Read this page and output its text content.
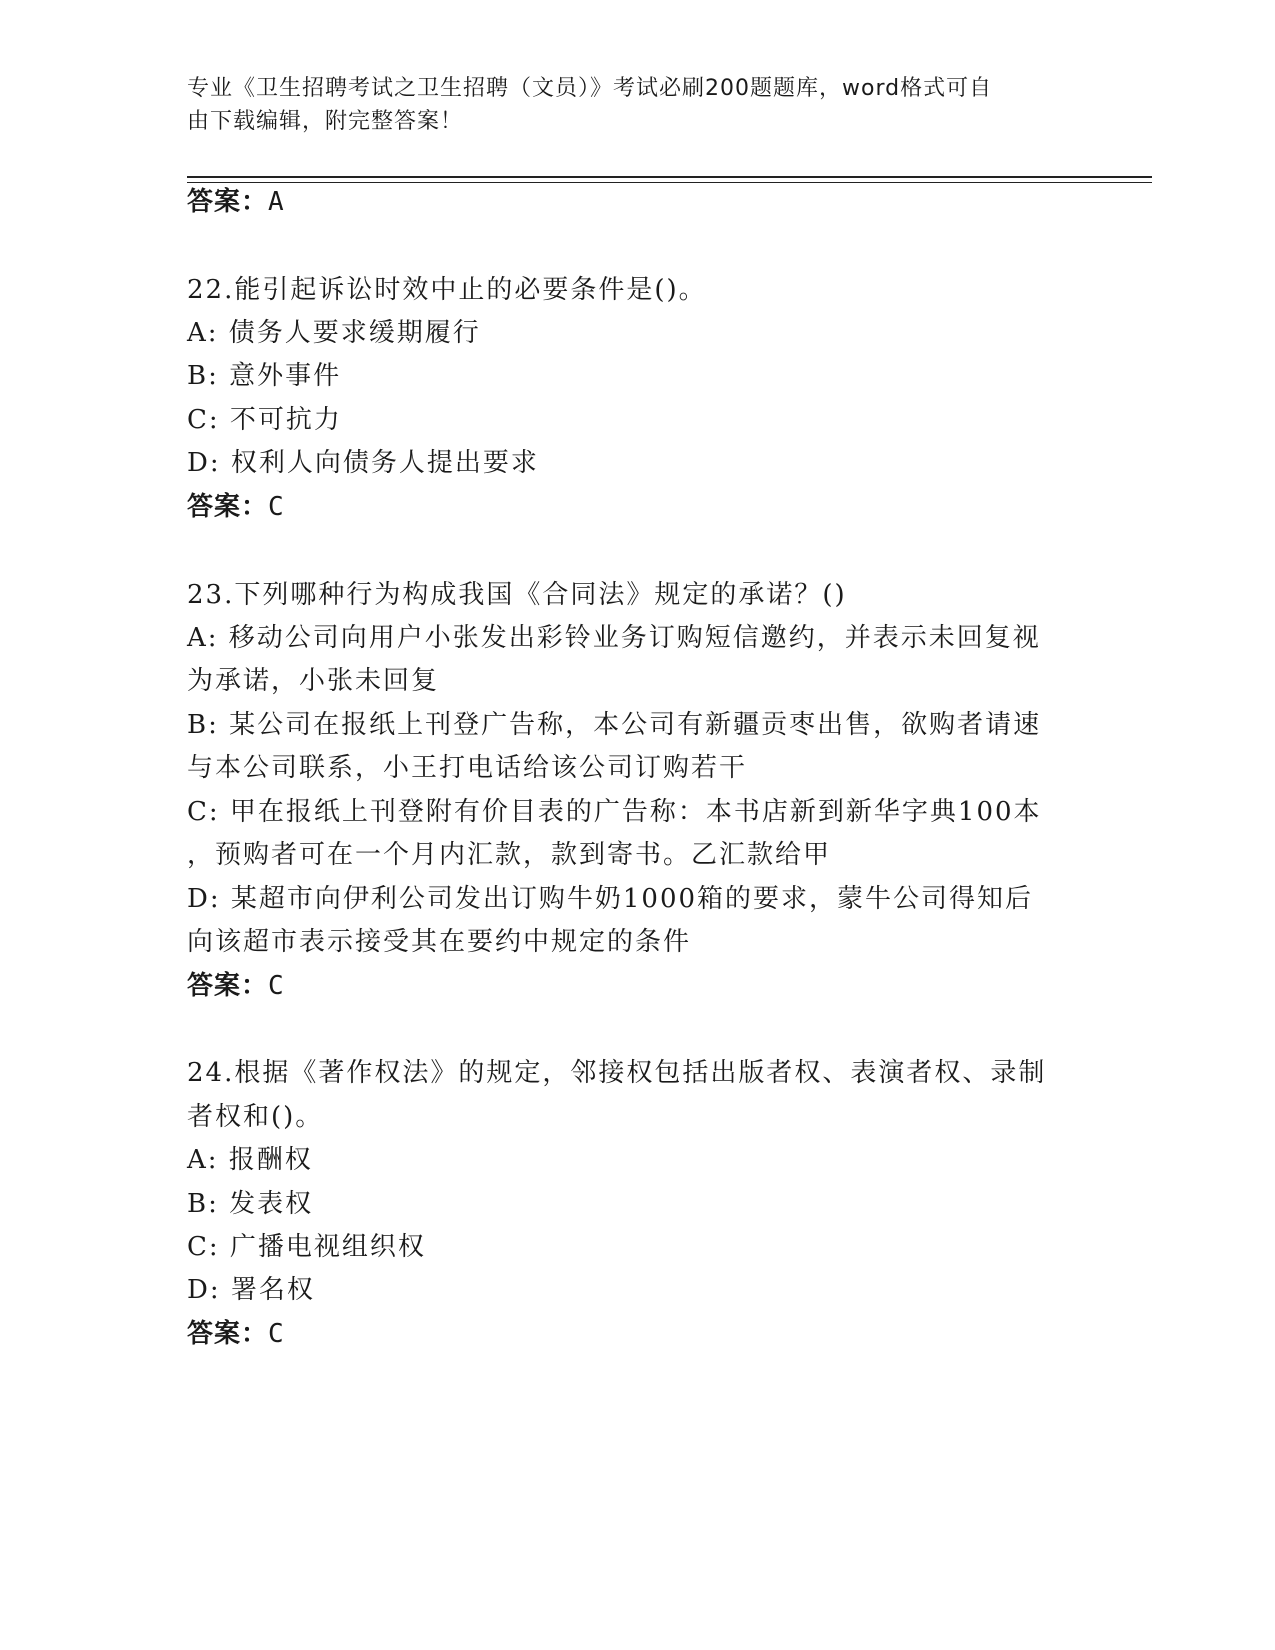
专业《卫生招聘考试之卫生招聘（文员）》考试必刷200题题库，word格式可自
由下载编辑，附完整答案！
答案：A
22.能引起诉讼时效中止的必要条件是()。
A: 债务人要求缓期履行
B: 意外事件
C: 不可抗力
D: 权利人向债务人提出要求
答案：C
23.下列哪种行为构成我国《合同法》规定的承诺？()
A: 移动公司向用户小张发出彩铃业务订购短信邀约，并表示未回复视
为承诺，小张未回复
B: 某公司在报纸上刊登广告称，本公司有新疆贡枣出售，欲购者请速
与本公司联系，小王打电话给该公司订购若干
C: 甲在报纸上刊登附有价目表的广告称：本书店新到新华字典100本
，预购者可在一个月内汇款，款到寄书。乙汇款给甲
D: 某超市向伊利公司发出订购牛奶1000箱的要求，蒙牛公司得知后
向该超市表示接受其在要约中规定的条件
答案：C
24.根据《著作权法》的规定，邻接权包括出版者权、表演者权、录制
者权和()。
A: 报酬权
B: 发表权
C: 广播电视组织权
D: 署名权
答案：C
